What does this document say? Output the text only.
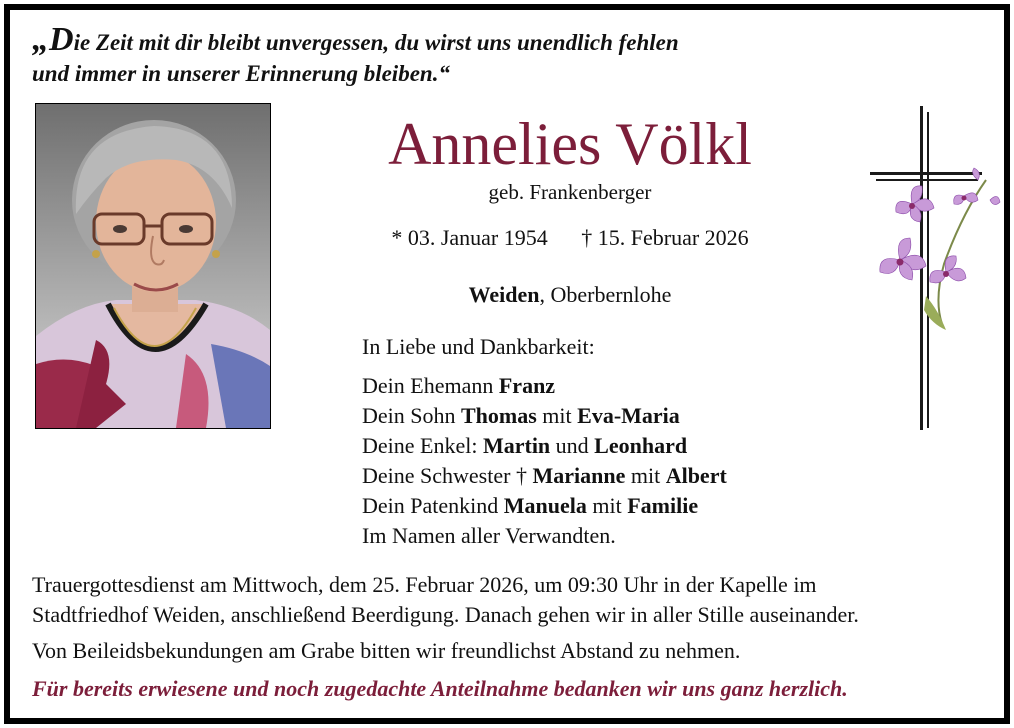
„Die Zeit mit dir bleibt unvergessen, du wirst uns unendlich fehlen
und immer in unserer Erinnerung bleiben.“
Annelies Völkl
geb. Frankenberger
* 03. Januar 1954 † 15. Februar 2026
Weiden, Oberbernlohe
In Liebe und Dankbarkeit:
Dein Ehemann Franz
Dein Sohn Thomas mit Eva-Maria
Deine Enkel: Martin und Leonhard
Deine Schwester † Marianne mit Albert
Dein Patenkind Manuela mit Familie
Im Namen aller Verwandten.
Trauergottesdienst am Mittwoch, dem 25. Februar 2026, um 09:30 Uhr in der Kapelle im
Stadtfriedhof Weiden, anschließend Beerdigung. Danach gehen wir in aller Stille auseinander.
Von Beileidsbekundungen am Grabe bitten wir freundlichst Abstand zu nehmen.
Für bereits erwiesene und noch zugedachte Anteilnahme bedanken wir uns ganz herzlich.
